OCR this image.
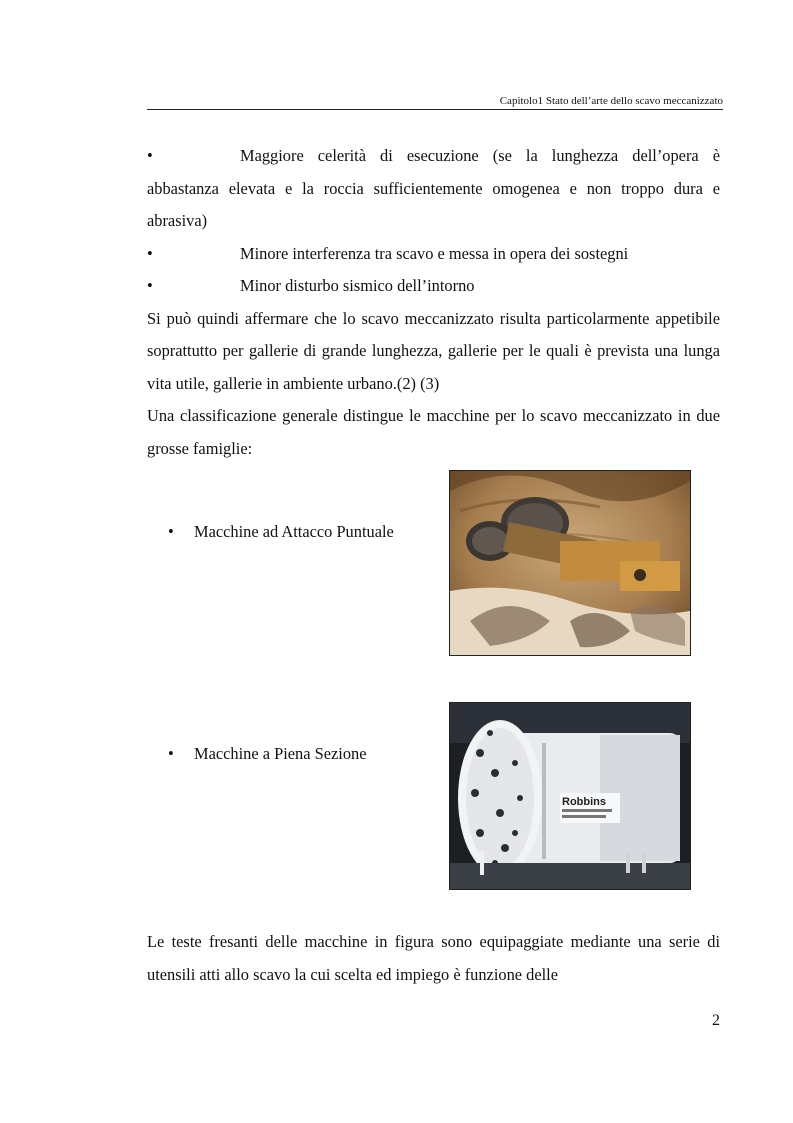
Capitolo1 Stato dell’arte dello scavo meccanizzato
•	Maggiore celerità di esecuzione (se la lunghezza dell’opera è

abbastanza elevata e la roccia sufficientemente omogenea e non troppo dura e abrasiva)

•	Minore interferenza tra scavo e messa in opera dei sostegni
•	Minor disturbo sismico dell’intorno

Si può quindi affermare che lo scavo meccanizzato risulta particolarmente appetibile soprattutto per gallerie di grande lunghezza, gallerie per le quali è prevista una lunga vita utile, gallerie in ambiente urbano.(2) (3)

Una classificazione generale distingue le macchine per lo scavo meccanizzato in due grosse famiglie:

•	Macchine ad Attacco Puntuale
•	Macchine a Piena Sezione
Robbins
Le teste fresanti delle macchine in figura sono equipaggiate mediante una serie di utensili atti allo scavo la cui scelta ed impiego è funzione delle
2
